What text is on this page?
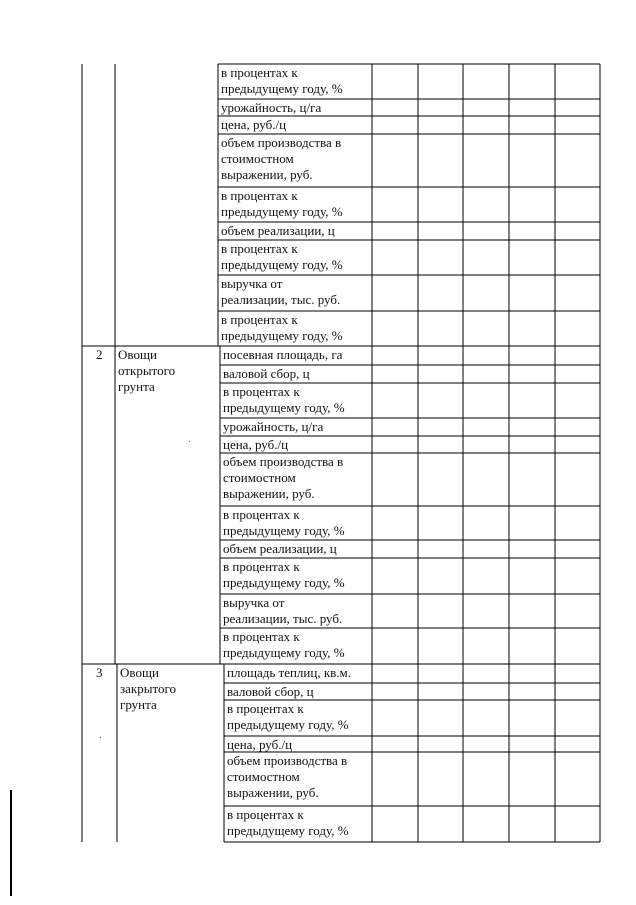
в процентах к
предыдущему году, %
урожайность, ц/га
цена, руб./ц
объем производства в
стоимостном
выражении, руб.
в процентах к
предыдущему году, %
объем реализации, ц
в процентах к
предыдущему году, %
выручка от
реализации, тыс. руб.
в процентах к
предыдущему году, %
2 Овощи
открытого
грунта
посевная площадь, га
валовой сбор, ц
в процентах к
предыдущему году, %
урожайность, ц/га
цена, руб./ц
объем производства в
стоимостном
выражении, руб.
в процентах к
предыдущему году, %
объем реализации, ц
в процентах к
предыдущему году, %
выручка от
реализации, тыс. руб.
в процентах к
предыдущему году, %
3 Овощи
закрытого
грунта
площадь теплиц, кв.м.
валовой сбор, ц
в процентах к
предыдущему году, %
цена, руб./ц
объем производства в
стоимостном
выражении, руб.
в процентах к
предыдущему году, %
